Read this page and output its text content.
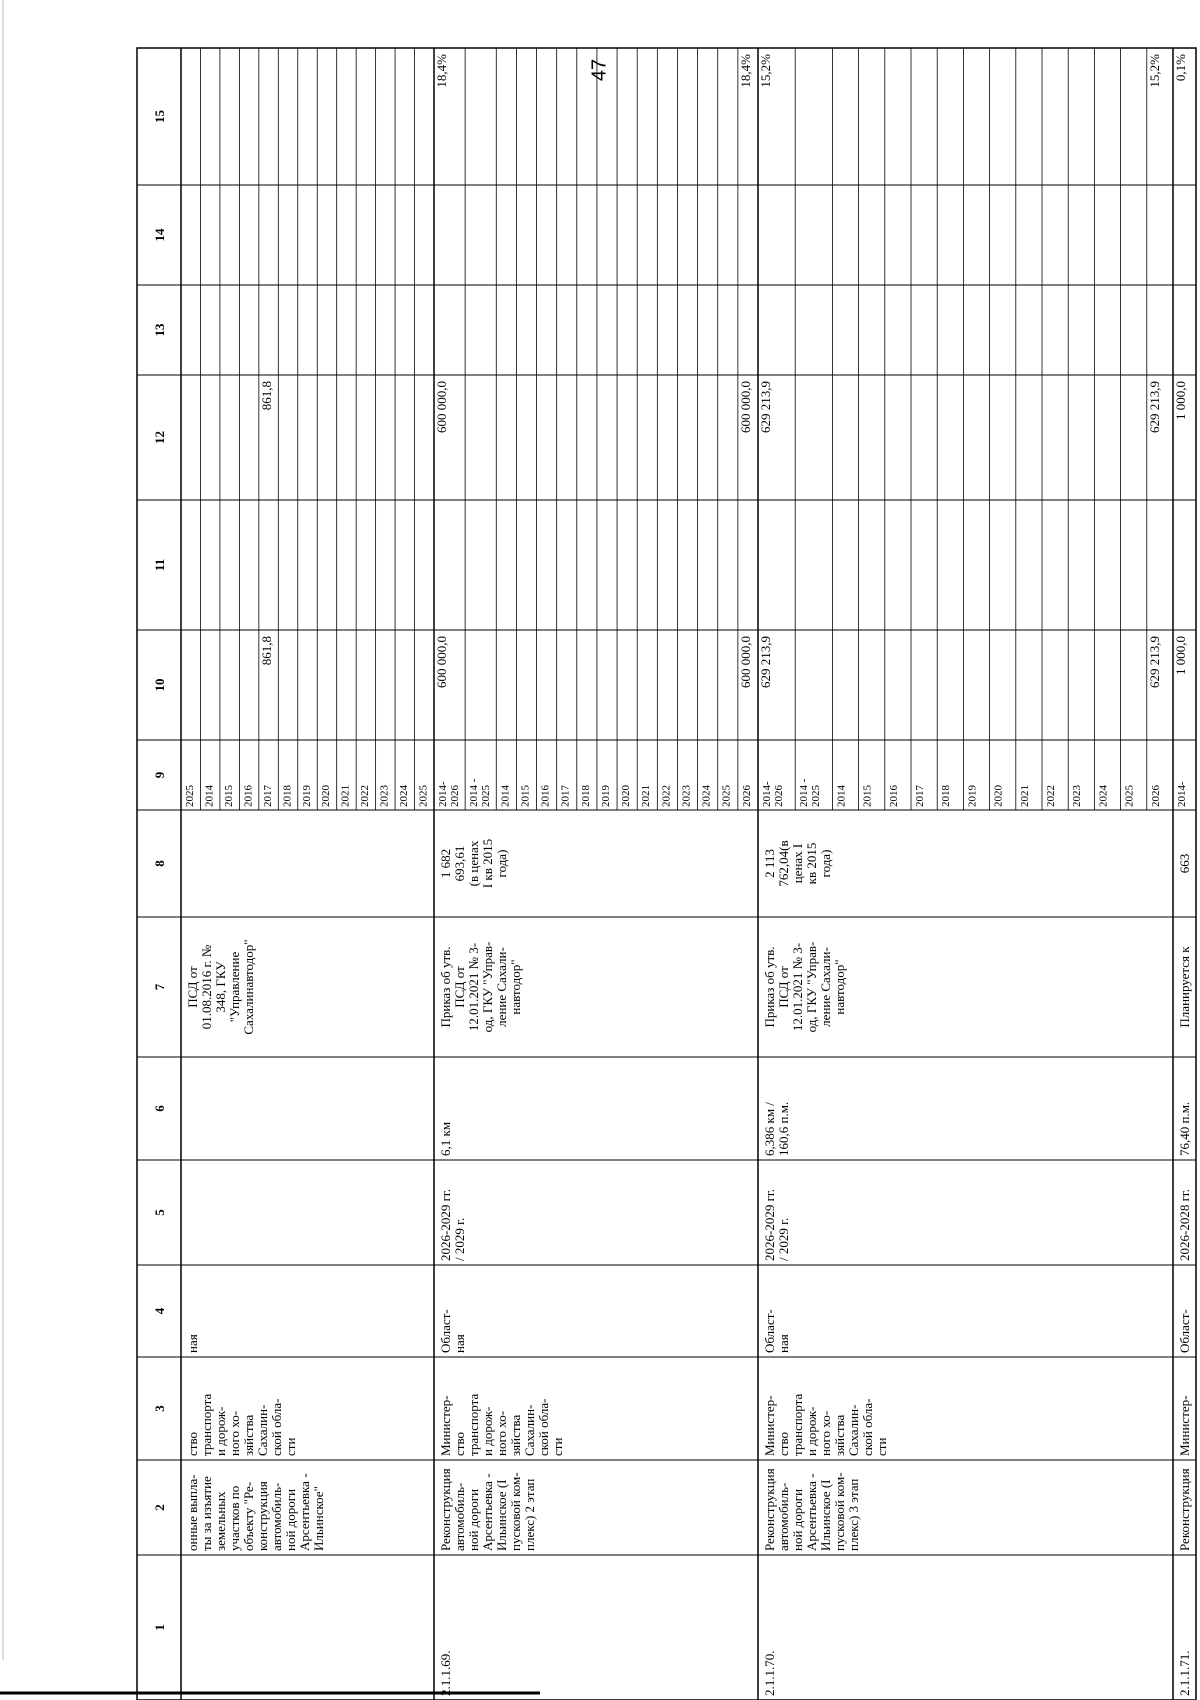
47
1
2
3
4
5
6
7
8
9
10
11
12
13
14
15
онные выпла- ты за изъятие земельных участков по объекту "Ре- конструкция автомобиль- ной дороги Арсентьевка - Ильинское"
ство транспорта и дорож- ного хо- зяйства Сахалин- ской обла- сти
ная
ПСД от 01.08.2016 г. № 348, ГКУ "Управление Сахалинавтодор"
2025 2014 2015 2016 2017
861,8
861,8
2018 2019 2020 2021 2022 2023 2024 2025
2.1.1.69.
Реконструкция автомобиль- ной дороги Арсентьевка - Ильинское (I пусковой ком- плекс) 2 этап
Министер- ство транспорта и дорож- ного хо- зяйства Сахалин- ской обла- сти
Област- ная
2026-2029 гг. / 2029 г.
6,1 км
Приказ об утв. ПСД от 12.01.2021 № 3- од, ГКУ "Управ- ление Сахали- навтодор"
1 682 693,61 (в ценах I кв 2015 года)
2014- 2026
600 000,0
600 000,0
18,4%
2014 - 2025 2014 2015 2016 2017 2018 2019 2020 2021 2022 2023 2024 2025 2026
600 000,0
600 000,0
18,4%
2.1.1.70.
Реконструкция автомобиль- ной дороги Арсентьевка - Ильинское (I пусковой ком- плекс) 3 этап
Министер- ство транспорта и дорож- ного хо- зяйства Сахалин- ской обла- сти
Област- ная
2026-2029 гг. / 2029 г.
6,386 км / 160,6 п.м.
Приказ об утв. ПСД от 12.01.2021 № 3- од, ГКУ "Управ- ление Сахали- навтодор"
2 113 762,04(в ценах I кв 2015 года)
2014- 2026
629 213,9
629 213,9
15,2%
2014 - 2025 2014 2015 2016 2017 2018 2019 2020 2021 2022 2023 2024 2025 2026
629 213,9
629 213,9
15,2%
2.1.1.71.
Реконструкция
Министер-
Област-
2026-2028 гг.
76,40 п.м.
Планируется к
663
2014-
1 000,0
1 000,0
0,1%
